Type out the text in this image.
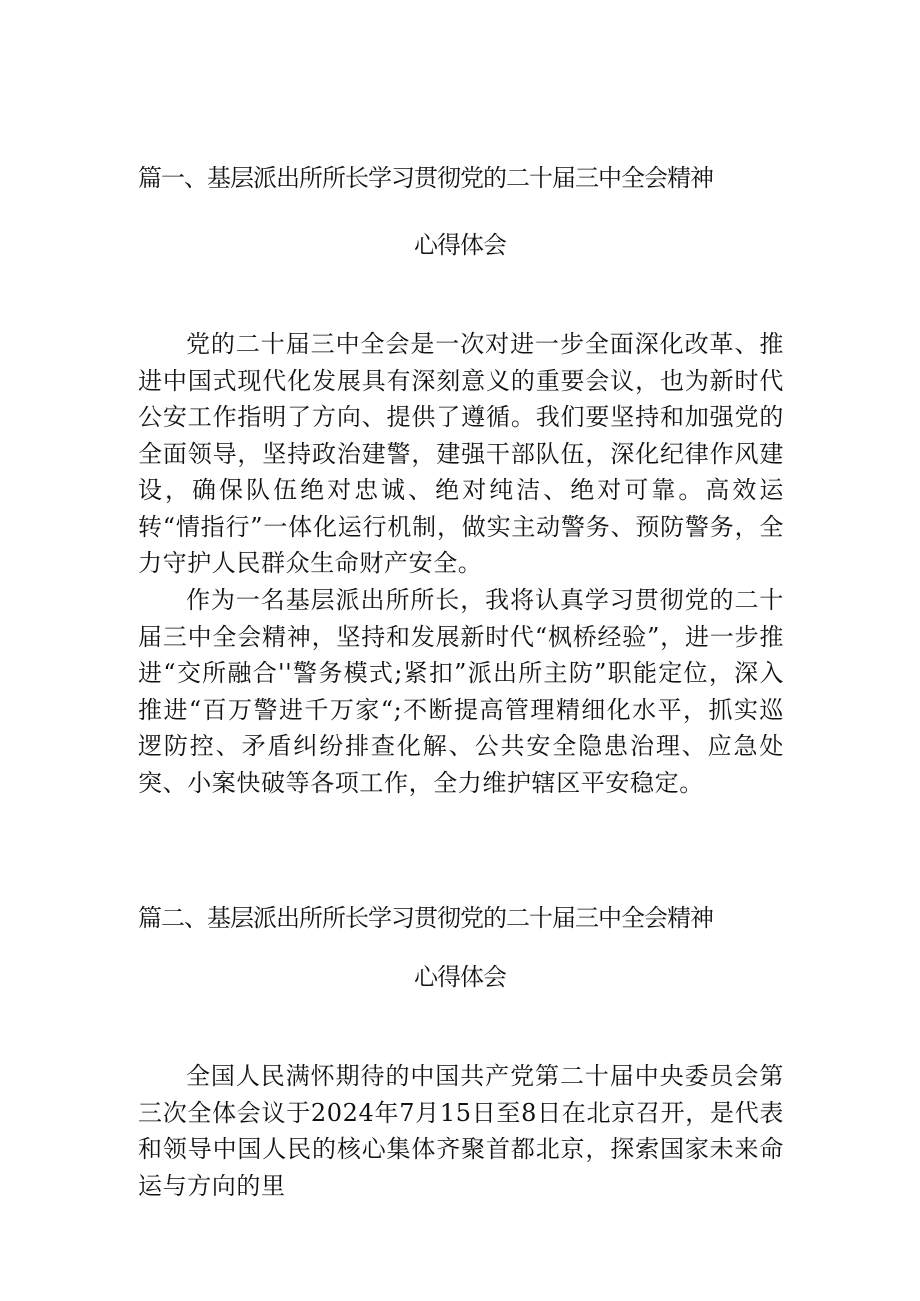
篇一、基层派出所所长学习贯彻党的二十届三中全会精神
心得体会

党的二十届三中全会是一次对进一步全面深化改革、推进中国式现代化发展具有深刻意义的重要会议，也为新时代公安工作指明了方向、提供了遵循。我们要坚持和加强党的全面领导，坚持政治建警，建强干部队伍，深化纪律作风建设，确保队伍绝对忠诚、绝对纯洁、绝对可靠。高效运转“情指行”一体化运行机制，做实主动警务、预防警务，全力守护人民群众生命财产安全。

作为一名基层派出所所长，我将认真学习贯彻党的二十届三中全会精神，坚持和发展新时代“枫桥经验”，进一步推进“交所融合''警务模式;紧扣”派出所主防”职能定位，深入推进“百万警进千万家“;不断提高管理精细化水平，抓实巡逻防控、矛盾纠纷排查化解、公共安全隐患治理、应急处突、小案快破等各项工作，全力维护辖区平安稳定。

篇二、基层派出所所长学习贯彻党的二十届三中全会精神
心得体会

全国人民满怀期待的中国共产党第二十届中央委员会第三次全体会议于2024年7月15日至8日在北京召开，是代表和领导中国人民的核心集体齐聚首都北京，探索国家未来命运与方向的里
